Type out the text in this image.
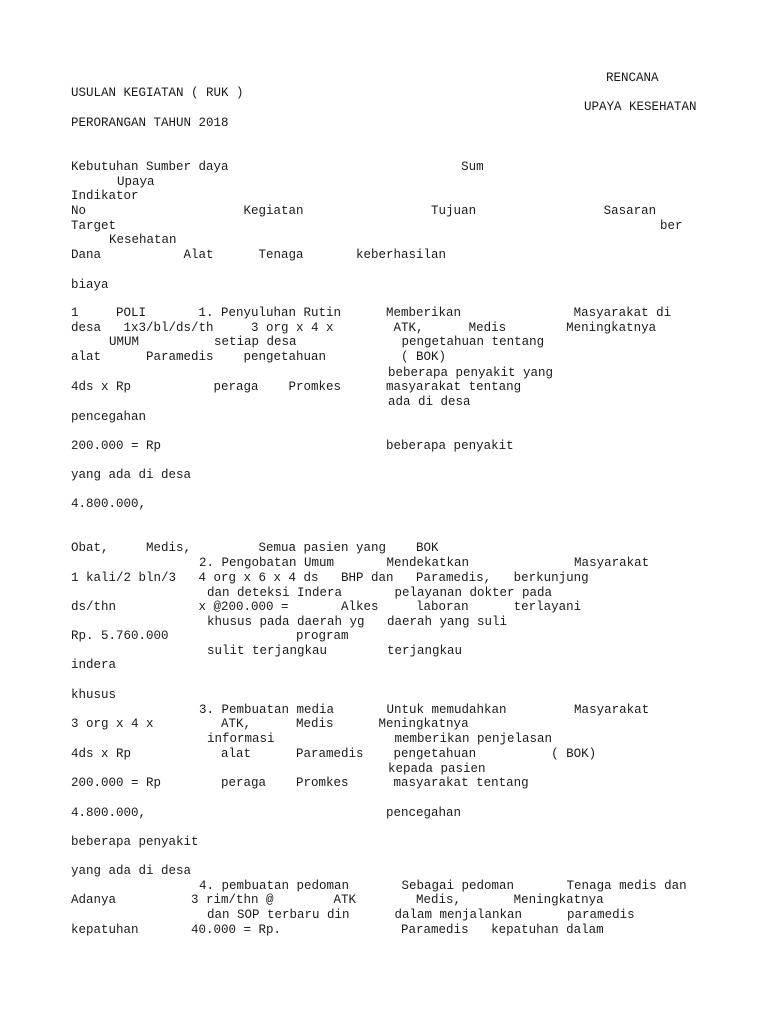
RENCANA
USULAN KEGIATAN ( RUK )
UPAYA KESEHATAN
PERORANGAN TAHUN 2018
Kebutuhan Sumber daya                               Sum
Upaya
Indikator
No                     Kegiatan                 Tujuan                 Sasaran
Target	ber
Kesehatan
Dana           Alat      Tenaga       keberhasilan
biaya
1     POLI       1. Penyuluhan Rutin      Memberikan               Masyarakat di
desa   1x3/bl/ds/th     3 org x 4 x        ATK,      Medis        Meningkatnya
UMUM          setiap desa              pengetahuan tentang
alat      Paramedis    pengetahuan          ( BOK)
beberapa penyakit yang
4ds x Rp           peraga    Promkes      masyarakat tentang
ada di desa
pencegahan
200.000 = Rp                              beberapa penyakit
yang ada di desa
4.800.000,
Obat,     Medis,         Semua pasien yang    BOK
2. Pengobatan Umum       Mendekatkan              Masyarakat
1 kali/2 bln/3   4 org x 6 x 4 ds   BHP dan   Paramedis,   berkunjung
dan deteksi Indera       pelayanan dokter pada
ds/thn           x @200.000 =       Alkes     laboran      terlayani
khusus pada daerah yg   daerah yang suli
Rp. 5.760.000                 program
sulit terjangkau        terjangkau
indera
khusus
3. Pembuatan media       Untuk memudahkan         Masyarakat
3 org x 4 x         ATK,      Medis      Meningkatnya
informasi                memberikan penjelasan
4ds x Rp            alat      Paramedis    pengetahuan          ( BOK)
kepada pasien
200.000 = Rp        peraga    Promkes      masyarakat tentang
4.800.000,                                pencegahan
beberapa penyakit
yang ada di desa
4. pembuatan pedoman       Sebagai pedoman       Tenaga medis dan
Adanya          3 rim/thn @        ATK        Medis,       Meningkatnya
dan SOP terbaru din      dalam menjalankan      paramedis
kepatuhan       40.000 = Rp.                Paramedis   kepatuhan dalam
